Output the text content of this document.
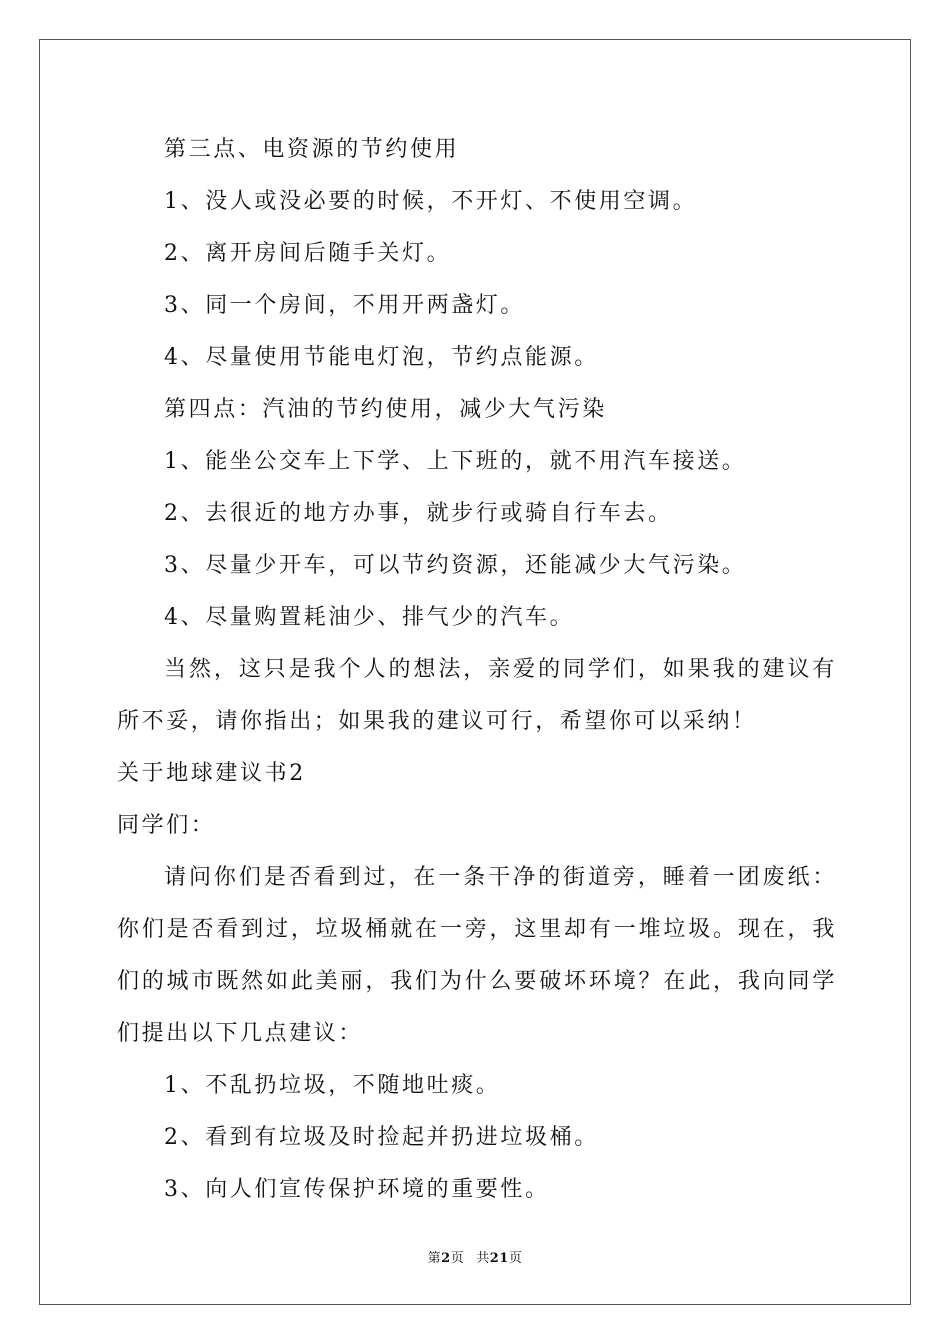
第三点、电资源的节约使用

1、没人或没必要的时候，不开灯、不使用空调。

2、离开房间后随手关灯。

3、同一个房间，不用开两盏灯。

4、尽量使用节能电灯泡，节约点能源。

第四点：汽油的节约使用，减少大气污染

1、能坐公交车上下学、上下班的，就不用汽车接送。

2、去很近的地方办事，就步行或骑自行车去。

3、尽量少开车，可以节约资源，还能减少大气污染。

4、尽量购置耗油少、排气少的汽车。

当然，这只是我个人的想法，亲爱的同学们，如果我的建议有所不妥，请你指出；如果我的建议可行，希望你可以采纳！

关于地球建议书2

同学们：

请问你们是否看到过，在一条干净的街道旁，睡着一团废纸：你们是否看到过，垃圾桶就在一旁，这里却有一堆垃圾。现在，我们的城市既然如此美丽，我们为什么要破坏环境？在此，我向同学们提出以下几点建议：

1、不乱扔垃圾，不随地吐痰。

2、看到有垃圾及时捡起并扔进垃圾桶。

3、向人们宣传保护环境的重要性。

第2页 共21页
